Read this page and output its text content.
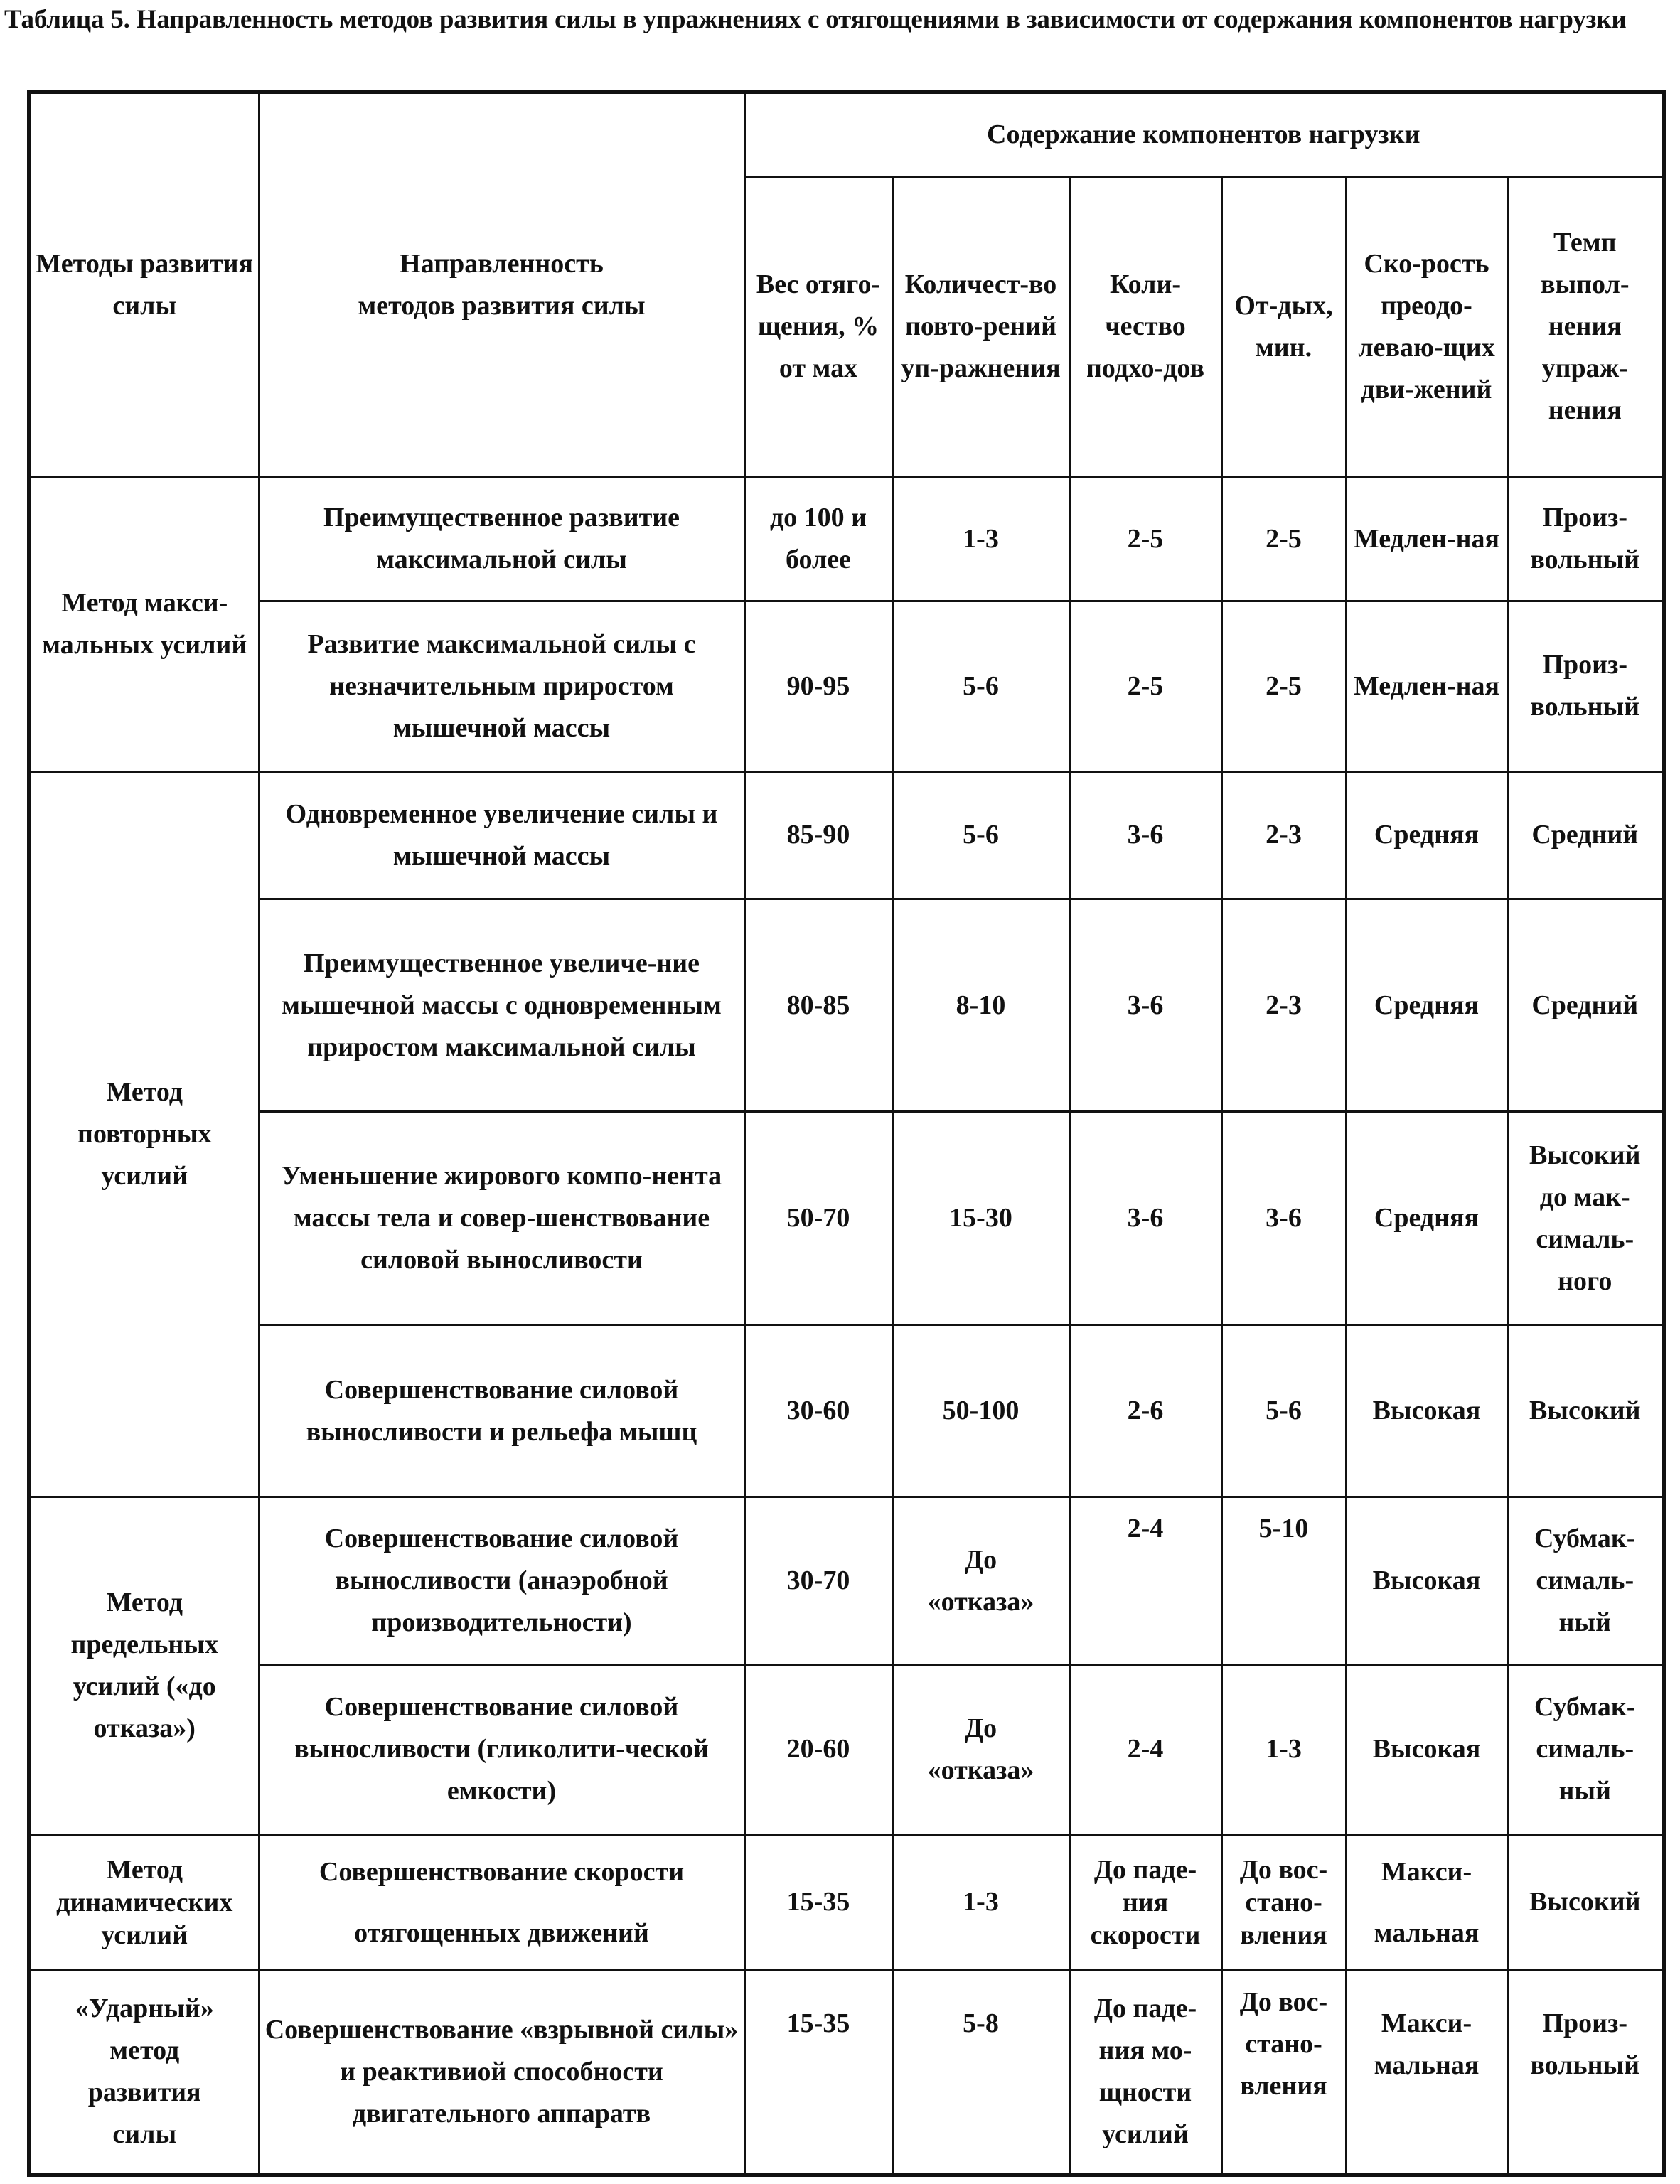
Таблица 5. Направленность методов развития силы в упражнениях с отягощениями в зависимости от содержания компонентов нагрузки
Методы развития силы	Направленность методов развития силы	Содержание компонентов нагрузки					
		Вес отяго-щения, % от мах	Количест-во повто-рений уп-ражнения	Коли-чество подхо-дов	От-дых, мин.	Ско-рость преодо-леваю-щих дви-жений	Темп выпол-нения упраж-нения
Метод макси-мальных усилий	Преимущественное развитие максимальной силы	до 100 и более	1-3	2-5	2-5	Медлен-ная	Произ-вольный
	Развитие максимальной силы с незначительным приростом мышечной массы	90-95	5-6	2-5	2-5	Медлен-ная	Произ-вольный
Метод повторных усилий	Одновременное увеличение силы и мышечной массы	85-90	5-6	3-6	2-3	Средняя	Средний
	Преимущественное увеличе-ние мышечной массы с одновременным приростом максимальной силы	80-85	8-10	3-6	2-3	Средняя	Средний
	Уменьшение жирового компо-нента массы тела и совер-шенствование силовой выносливости	50-70	15-30	3-6	3-6	Средняя	Высокий до мак-cималь-ного
	Совершенствование силовой выносливости и рельефа мышц	30-60	50-100	2-6	5-6	Высокая	Высокий
Метод предельных усилий («до отказа»)	Совершенствование силовой выносливости (анаэробной производительности)	30-70	До «отказа»	2-4	5-10	Высокая	Субмак-cималь-ный
	Совершенствование силовой выносливости (гликолити-ческой емкости)	20-60	До «отказа»	2-4	1-3	Высокая	Субмак-cималь-ный
Метод динамических усилий	Совершенствование скорости отягощенных движений	15-35	1-3	До паде-ния скорости	До вос-стано-вления	Макси-мальная	Высокий
«Ударный» метод развития силы	Совершенствование «взрывной силы» и реактивиой способности двигательного аппаратв	15-35	5-8	До паде-ния мо-щности усилий	До вос-стано-вления	Макси-мальная	Произ-вольный
